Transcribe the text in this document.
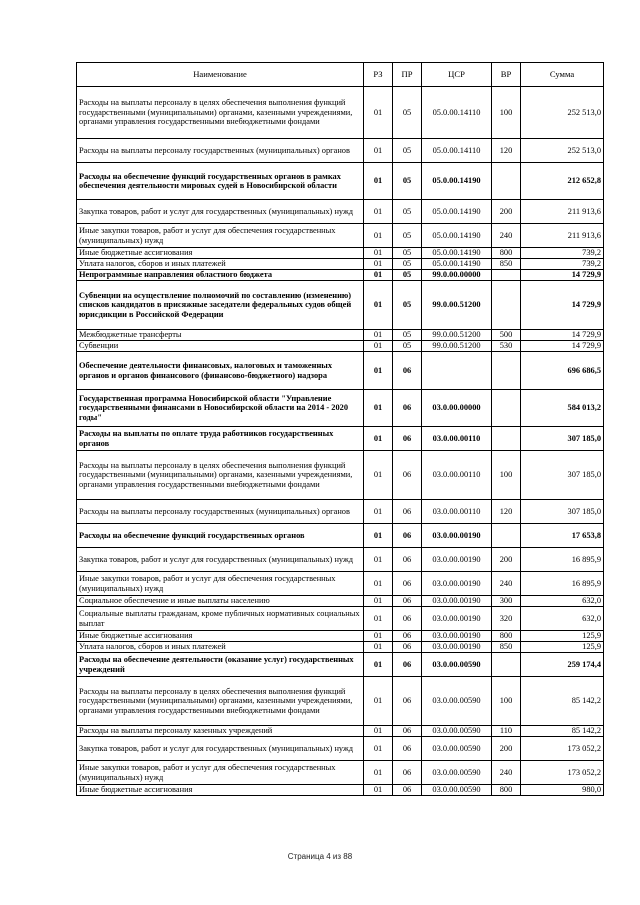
Наименование	РЗ	ПР	ЦСР	ВР	Сумма
Расходы на выплаты персоналу в целях обеспечения выполнения функций государственными (муниципальными) органами, казенными учреждениями, органами управления государственными внебюджетными фондами	01	05	05.0.00.14110	100	252 513,0
Расходы на выплаты персоналу государственных (муниципальных) органов	01	05	05.0.00.14110	120	252 513,0
Расходы на обеспечение функций государственных органов в рамках обеспечения деятельности мировых судей в Новосибирской области	01	05	05.0.00.14190		212 652,8
Закупка товаров, работ и услуг для государственных (муниципальных) нужд	01	05	05.0.00.14190	200	211 913,6
Иные закупки товаров, работ и услуг для обеспечения государственных (муниципальных) нужд	01	05	05.0.00.14190	240	211 913,6
Иные бюджетные ассигнования	01	05	05.0.00.14190	800	739,2
Уплата налогов, сборов и иных платежей	01	05	05.0.00.14190	850	739,2
Непрограммные направления областного бюджета	01	05	99.0.00.00000		14 729,9
Субвенции на осуществление полномочий по составлению (изменению) списков кандидатов в присяжные заседатели федеральных судов общей юрисдикции в Российской Федерации	01	05	99.0.00.51200		14 729,9
Межбюджетные трансферты	01	05	99.0.00.51200	500	14 729,9
Субвенции	01	05	99.0.00.51200	530	14 729,9
Обеспечение деятельности финансовых, налоговых и таможенных органов и органов финансового (финансово-бюджетного) надзора	01	06			696 686,5
Государственная программа Новосибирской области "Управление государственными финансами в Новосибирской области на 2014 - 2020 годы"	01	06	03.0.00.00000		584 013,2
Расходы на выплаты по оплате труда работников государственных органов	01	06	03.0.00.00110		307 185,0
Расходы на выплаты персоналу в целях обеспечения выполнения функций государственными (муниципальными) органами, казенными учреждениями, органами управления государственными внебюджетными фондами	01	06	03.0.00.00110	100	307 185,0
Расходы на выплаты персоналу государственных (муниципальных) органов	01	06	03.0.00.00110	120	307 185,0
Расходы на обеспечение функций государственных органов	01	06	03.0.00.00190		17 653,8
Закупка товаров, работ и услуг для государственных (муниципальных) нужд	01	06	03.0.00.00190	200	16 895,9
Иные закупки товаров, работ и услуг для обеспечения государственных (муниципальных) нужд	01	06	03.0.00.00190	240	16 895,9
Социальное обеспечение и иные выплаты населению	01	06	03.0.00.00190	300	632,0
Социальные выплаты гражданам, кроме публичных нормативных социальных выплат	01	06	03.0.00.00190	320	632,0
Иные бюджетные ассигнования	01	06	03.0.00.00190	800	125,9
Уплата налогов, сборов и иных платежей	01	06	03.0.00.00190	850	125,9
Расходы на обеспечение деятельности (оказание услуг) государственных учреждений	01	06	03.0.00.00590		259 174,4
Расходы на выплаты персоналу в целях обеспечения выполнения функций государственными (муниципальными) органами, казенными учреждениями, органами управления государственными внебюджетными фондами	01	06	03.0.00.00590	100	85 142,2
Расходы на выплаты персоналу казенных учреждений	01	06	03.0.00.00590	110	85 142,2
Закупка товаров, работ и услуг для государственных (муниципальных) нужд	01	06	03.0.00.00590	200	173 052,2
Иные закупки товаров, работ и услуг для обеспечения государственных (муниципальных) нужд	01	06	03.0.00.00590	240	173 052,2
Иные бюджетные ассигнования	01	06	03.0.00.00590	800	980,0
Страница 4 из 88
